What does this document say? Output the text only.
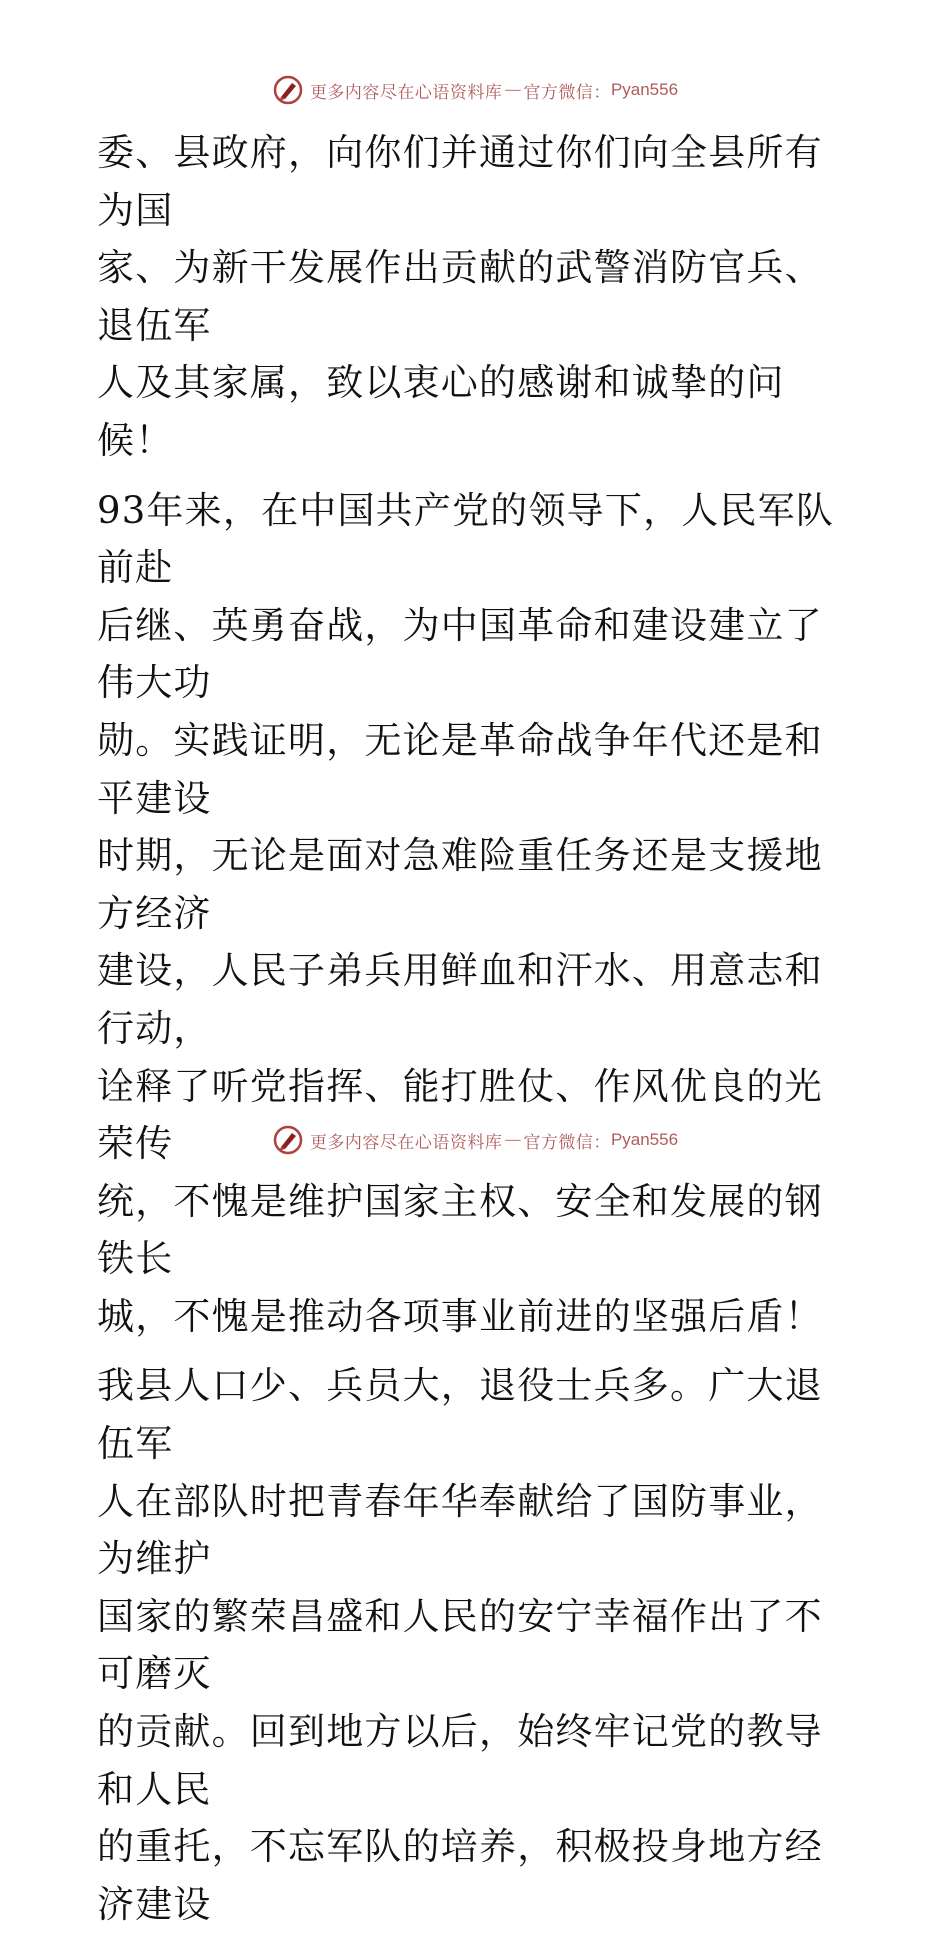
更多内容尽在心语资料库 — 官方微信： Pyan556

委、县政府，向你们并通过你们向全县所有为国
家、为新干发展作出贡献的武警消防官兵、退伍军
人及其家属，致以衷心的感谢和诚挚的问候！

93年来，在中国共产党的领导下，人民军队前赴
后继、英勇奋战，为中国革命和建设建立了伟大功
勋。实践证明，无论是革命战争年代还是和平建设
时期，无论是面对急难险重任务还是支援地方经济
建设，人民子弟兵用鲜血和汗水、用意志和行动，
诠释了听党指挥、能打胜仗、作风优良的光荣传
统，不愧是维护国家主权、安全和发展的钢铁长
城，不愧是推动各项事业前进的坚强后盾！

我县人口少、兵员大，退役士兵多。广大退伍军
人在部队时把青春年华奉献给了国防事业，为维护
国家的繁荣昌盛和人民的安宁幸福作出了不可磨灭
的贡献。回到地方以后，始终牢记党的教导和人民
的重托，不忘军队的培养，积极投身地方经济建设

更多内容尽在心语资料库 — 官方微信： Pyan556
